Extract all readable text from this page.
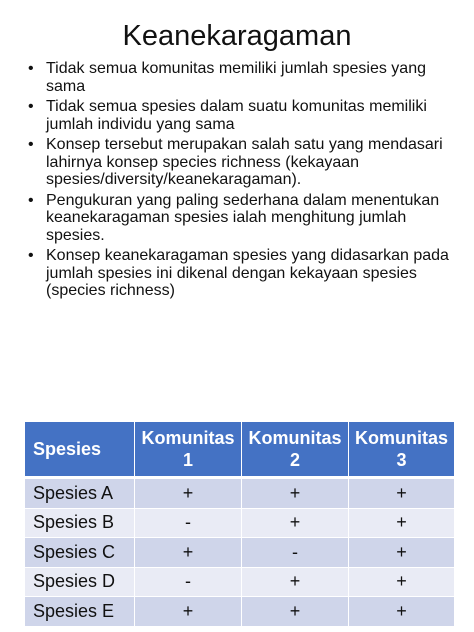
Keanekaragaman
• Tidak semua komunitas memiliki jumlah spesies yang sama
• Tidak semua spesies dalam suatu komunitas memiliki jumlah individu yang sama
• Konsep tersebut merupakan salah satu yang mendasari lahirnya konsep species richness (kekayaan spesies/diversity/keanekaragaman).
• Pengukuran yang paling sederhana dalam menentukan keanekaragaman spesies ialah menghitung jumlah spesies.
• Konsep keanekaragaman spesies yang didasarkan pada jumlah spesies ini dikenal dengan kekayaan spesies (species richness)
Spesies	Komunitas 1	Komunitas 2	Komunitas 3
Spesies A	+	+	+
Spesies B	-	+	+
Spesies C	+	-	+
Spesies D	-	+	+
Spesies E	+	+	+
